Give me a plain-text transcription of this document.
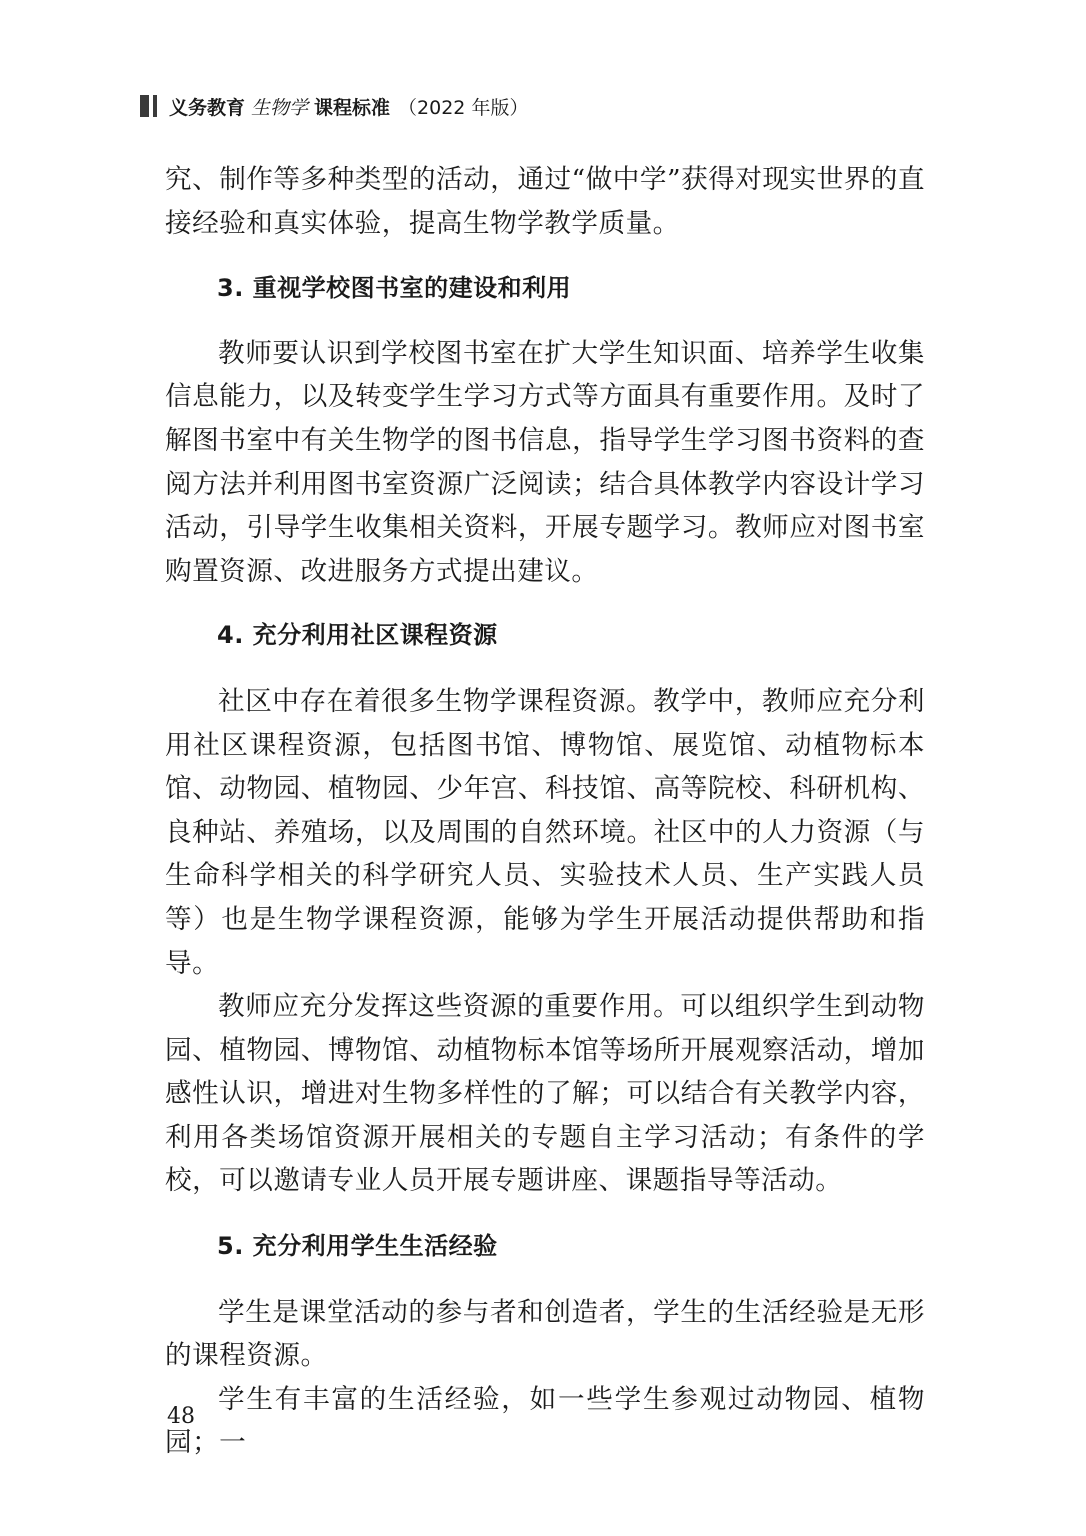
义务教育 生物学 课程标准 （2022 年版）

究、制作等多种类型的活动，通过“做中学”获得对现实世界的直接经验和真实体验，提高生物学教学质量。

3. 重视学校图书室的建设和利用

教师要认识到学校图书室在扩大学生知识面、培养学生收集信息能力，以及转变学生学习方式等方面具有重要作用。及时了解图书室中有关生物学的图书信息，指导学生学习图书资料的查阅方法并利用图书室资源广泛阅读；结合具体教学内容设计学习活动，引导学生收集相关资料，开展专题学习。教师应对图书室购置资源、改进服务方式提出建议。

4. 充分利用社区课程资源

社区中存在着很多生物学课程资源。教学中，教师应充分利用社区课程资源，包括图书馆、博物馆、展览馆、动植物标本馆、动物园、植物园、少年宫、科技馆、高等院校、科研机构、良种站、养殖场，以及周围的自然环境。社区中的人力资源（与生命科学相关的科学研究人员、实验技术人员、生产实践人员等）也是生物学课程资源，能够为学生开展活动提供帮助和指导。

教师应充分发挥这些资源的重要作用。可以组织学生到动物园、植物园、博物馆、动植物标本馆等场所开展观察活动，增加感性认识，增进对生物多样性的了解；可以结合有关教学内容，利用各类场馆资源开展相关的专题自主学习活动；有条件的学校，可以邀请专业人员开展专题讲座、课题指导等活动。

5. 充分利用学生生活经验

学生是课堂活动的参与者和创造者，学生的生活经验是无形的课程资源。

学生有丰富的生活经验，如一些学生参观过动物园、植物园；一

48
